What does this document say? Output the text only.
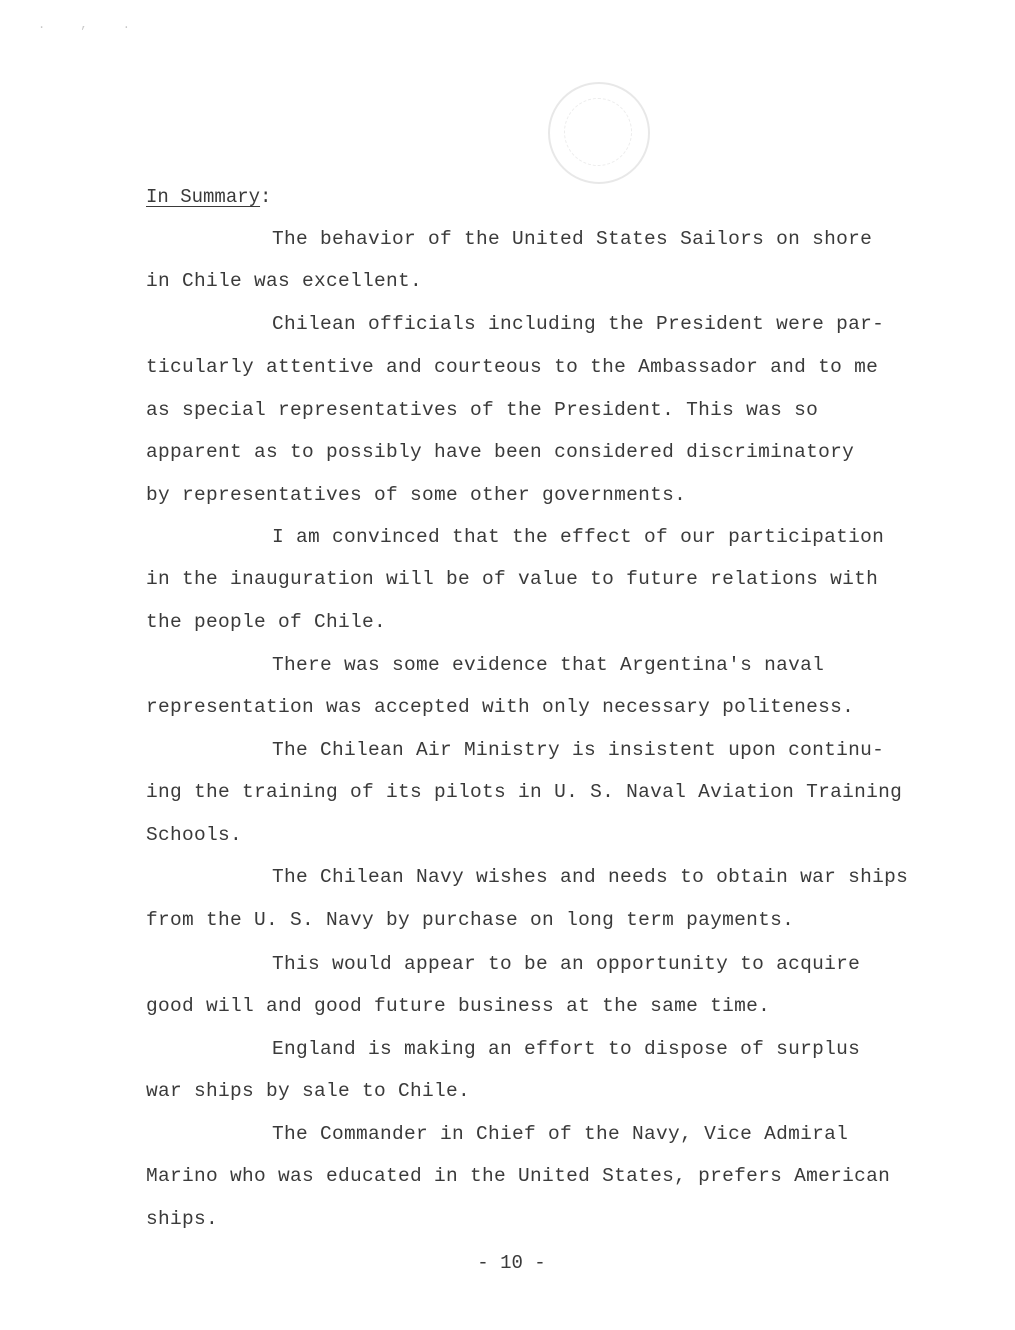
. , .
In Summary:
The behavior of the United States Sailors on shore
in Chile was excellent.
Chilean officials including the President were par-
ticularly attentive and courteous to the Ambassador and to me
as special representatives of the President. This was so
apparent as to possibly have been considered discriminatory
by representatives of some other governments.
I am convinced that the effect of our participation
in the inauguration will be of value to future relations with
the people of Chile.
There was some evidence that Argentina's naval
representation was accepted with only necessary politeness.
The Chilean Air Ministry is insistent upon continu-
ing the training of its pilots in U. S. Naval Aviation Training
Schools.
The Chilean Navy wishes and needs to obtain war ships
from the U. S. Navy by purchase on long term payments.
This would appear to be an opportunity to acquire
good will and good future business at the same time.
England is making an effort to dispose of surplus
war ships by sale to Chile.
The Commander in Chief of the Navy, Vice Admiral
Marino who was educated in the United States, prefers American
ships.
- 10 -
